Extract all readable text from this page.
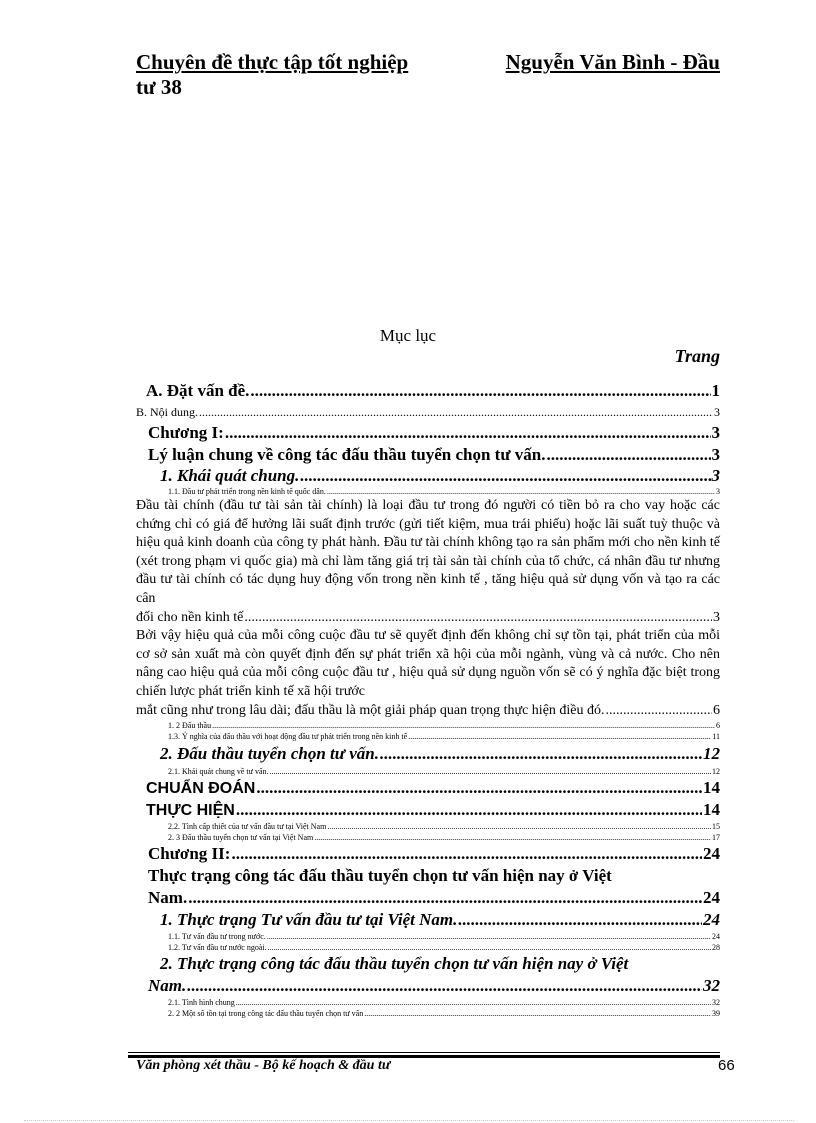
Chuyên đề thực tập tốt nghiệp	Nguyễn Văn Bình - Đầu
tư 38
Mục lục
Trang
A. Đặt vấn đề. .....	1
B. Nội dung. .....	3
Chương I: .....	3
Lý luận chung về công tác đấu thầu tuyển chọn tư vấn. .....	3
1. Khái quát chung. .....	3
1.1. Đầu tư phát triển trong nền kinh tế quốc dân. .....	3
Đầu tài chính (đầu tư tài sản tài chính) là loại đầu tư trong đó người có tiền bỏ ra cho vay hoặc các chứng chỉ có giá để hưởng lãi suất định trước (gửi tiết kiệm, mua trái phiếu) hoặc lãi suất tuỳ thuộc và hiệu quả kinh doanh của công ty phát hành. Đầu tư tài chính không tạo ra sản phẩm mới cho nền kinh tế (xét trong phạm vi quốc gia) mà chỉ làm tăng giá trị tài sản tài chính của tổ chức, cá nhân đầu tư nhưng đầu tư tài chính có tác dụng huy động vốn trong nền kinh tế , tăng hiệu quả sử dụng vốn và tạo ra các cân
đối cho nền kinh tế .....	3
Bởi vậy hiệu quả của mỗi công cuộc đầu tư sẽ quyết định đến không chỉ sự tồn tại, phát triển của mỗi cơ sở sản xuất mà còn quyết định đến sự phát triển xã hội của mỗi ngành, vùng và cả nước. Cho nên nâng cao hiệu quả của mỗi công cuộc đầu tư , hiệu quả sử dụng nguồn vốn sẽ có ý nghĩa đặc biệt trong chiến lược phát triển kinh tế xã hội trước
mắt cũng như trong lâu dài; đấu thầu là một giải pháp quan trọng thực hiện điều đó. .....	6
1. 2 Đấu thầu .....	6
1.3. Ý nghĩa của đấu thầu với hoạt động đầu tư phát triển trong nền kinh tế .....	11
2. Đấu thầu tuyển chọn tư vấn. .....	12
2.1. Khái quát chung về tư vấn. .....	12
CHUẨN ĐOÁN .....	14
THỰC HIỆN .....	14
2.2. Tình cấp thiết của tư vấn đầu tư tại Việt Nam .....	15
2. 3 Đấu thầu tuyển chọn tư vấn tại Việt Nam .....	17
Chương II: .....	24
Thực trạng công tác đấu thầu tuyển chọn tư vấn hiện nay ở Việt
Nam. .....	24
1. Thực trạng Tư vấn đầu tư tại Việt Nam. .....	24
1.1. Tư vấn đầu tư trong nước. .....	24
1.2. Tư vấn đầu tư nước ngoài. .....	28
2. Thực trạng công tác đấu thầu tuyển chọn tư vấn hiện nay ở Việt
Nam. .....	32
2.1. Tình hình chung .....	32
2. 2 Một số tồn tại trong công tác đấu thầu tuyển chọn tư vấn .....	39
Văn phòng xét thầu - Bộ kế hoạch & đầu tư	66
